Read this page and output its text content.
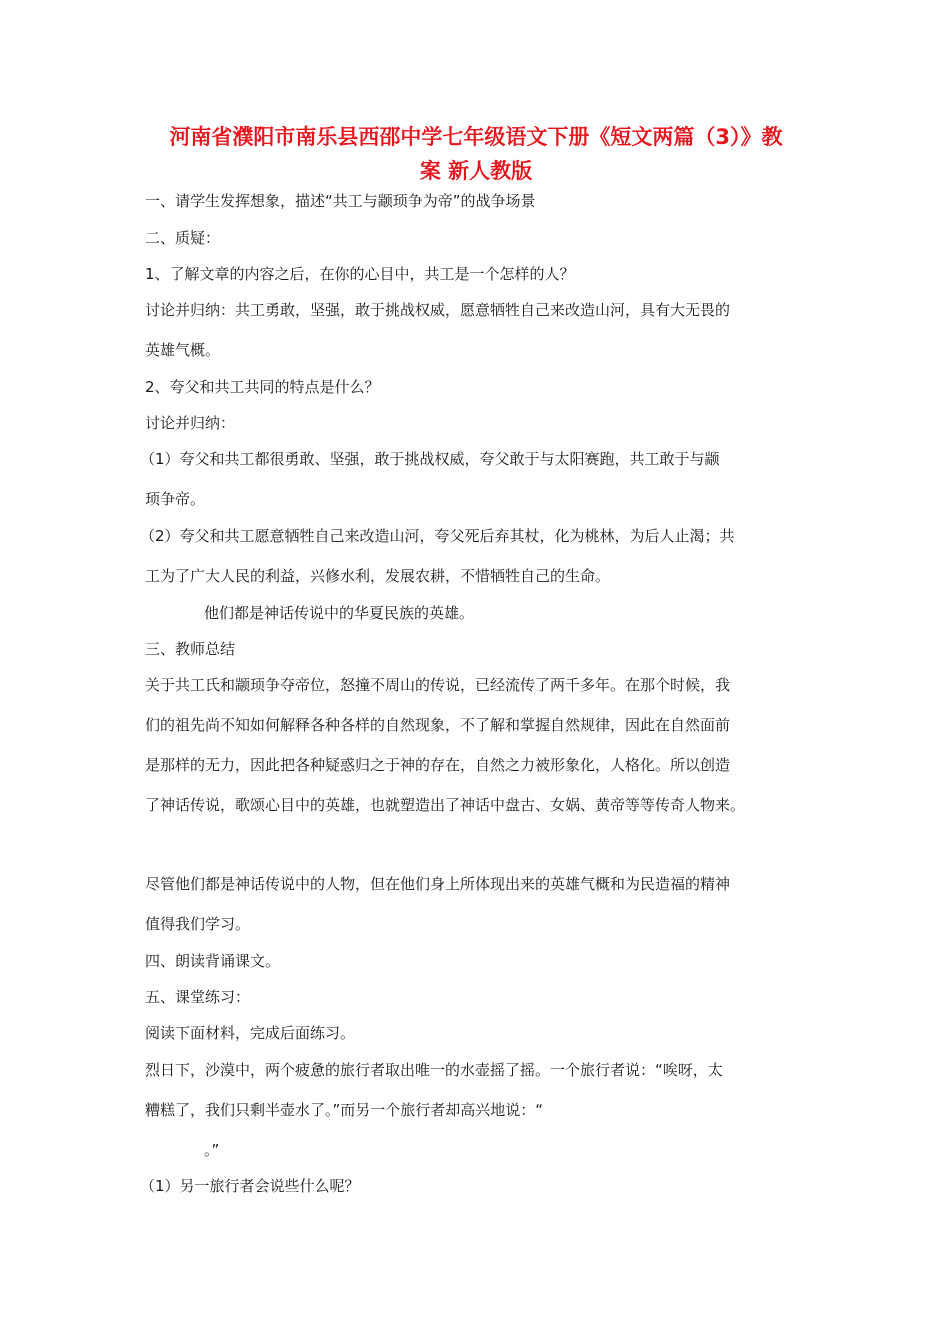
河南省濮阳市南乐县西邵中学七年级语文下册《短文两篇（3）》教
案 新人教版

一、请学生发挥想象，描述“共工与颛顼争为帝”的战争场景

二、质疑：

1、了解文章的内容之后，在你的心目中，共工是一个怎样的人？

讨论并归纳：共工勇敢，坚强，敢于挑战权威，愿意牺牲自己来改造山河，具有大无畏的

英雄气概。

2、夸父和共工共同的特点是什么？

讨论并归纳：

（1）夸父和共工都很勇敢、坚强，敢于挑战权威，夸父敢于与太阳赛跑，共工敢于与颛

顼争帝。

（2）夸父和共工愿意牺牲自己来改造山河，夸父死后弃其杖，化为桃林，为后人止渴；共

工为了广大人民的利益，兴修水利，发展农耕，不惜牺牲自己的生命。

他们都是神话传说中的华夏民族的英雄。

三、教师总结

关于共工氏和颛顼争夺帝位，怒撞不周山的传说，已经流传了两千多年。在那个时候，我

们的祖先尚不知如何解释各种各样的自然现象，不了解和掌握自然规律，因此在自然面前

是那样的无力，因此把各种疑惑归之于神的存在，自然之力被形象化，人格化。所以创造

了神话传说，歌颂心目中的英雄，也就塑造出了神话中盘古、女娲、黄帝等等传奇人物来。

尽管他们都是神话传说中的人物，但在他们身上所体现出来的英雄气概和为民造福的精神

值得我们学习。

四、朗读背诵课文。

五、课堂练习：

阅读下面材料，完成后面练习。

烈日下，沙漠中，两个疲惫的旅行者取出唯一的水壶摇了摇。一个旅行者说：“唉呀，太

糟糕了，我们只剩半壶水了。”而另一个旅行者却高兴地说：“

。”

（1）另一旅行者会说些什么呢？
